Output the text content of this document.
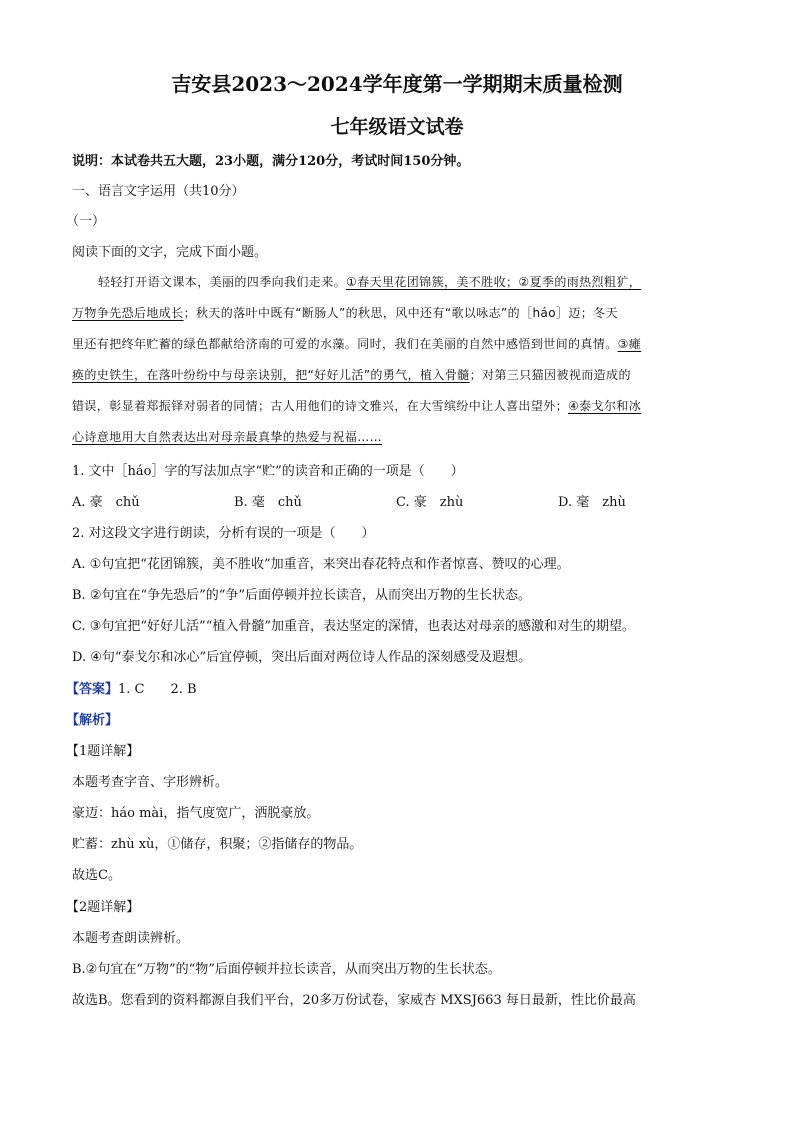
吉安县2023～2024学年度第一学期期末质量检测
七年级语文试卷
说明：本试卷共五大题，23小题，满分120分，考试时间150分钟。
一、语言文字运用（共10分）
（一）
阅读下面的文字，完成下面小题。
轻轻打开语文课本，美丽的四季向我们走来。①春天里花团锦簇，美不胜收；②夏季的雨热烈粗犷，
万物争先恐后地成长；秋天的落叶中既有“断肠人”的秋思，风中还有“歌以咏志”的［háo］迈；冬天
里还有把终年贮蓄的绿色都献给济南的可爱的水藻。同时，我们在美丽的自然中感悟到世间的真情。③瘫
痪的史铁生，在落叶纷纷中与母亲诀别，把“好好儿活”的勇气，植入骨髓；对第三只猫因被视而造成的
错误，彰显着郑振铎对弱者的同情；古人用他们的诗文雅兴，在大雪缤纷中让人喜出望外；④泰戈尔和冰
心诗意地用大自然表达出对母亲最真挚的热爱与祝福……
1. 文中［háo］字的写法加点字“贮”的读音和正确的一项是（　　）
A. 豪　chǔ	B. 毫　chǔ	C. 豪　zhù	D. 毫　zhù
2. 对这段文字进行朗读，分析有误的一项是（　　）
A. ①句宜把“花团锦簇，美不胜收”加重音，来突出春花特点和作者惊喜、赞叹的心理。
B. ②句宜在“争先恐后”的“争”后面停顿并拉长读音，从而突出万物的生长状态。
C. ③句宜把“好好儿活”“植入骨髓”加重音，表达坚定的深情，也表达对母亲的感激和对生的期望。
D. ④句“泰戈尔和冰心”后宜停顿，突出后面对两位诗人作品的深刻感受及遐想。
【答案】1. C　　2. B
【解析】
【1题详解】
本题考查字音、字形辨析。
豪迈：háo mài，指气度宽广，洒脱豪放。
贮蓄：zhù xù，①储存，积聚；②指储存的物品。
故选C。
【2题详解】
本题考查朗读辨析。
B.②句宜在“万物”的“物”后面停顿并拉长读音，从而突出万物的生长状态。
故选B。您看到的资料都源自我们平台，20多万份试卷，家威杏 MXSJ663 每日最新，性比价最高
